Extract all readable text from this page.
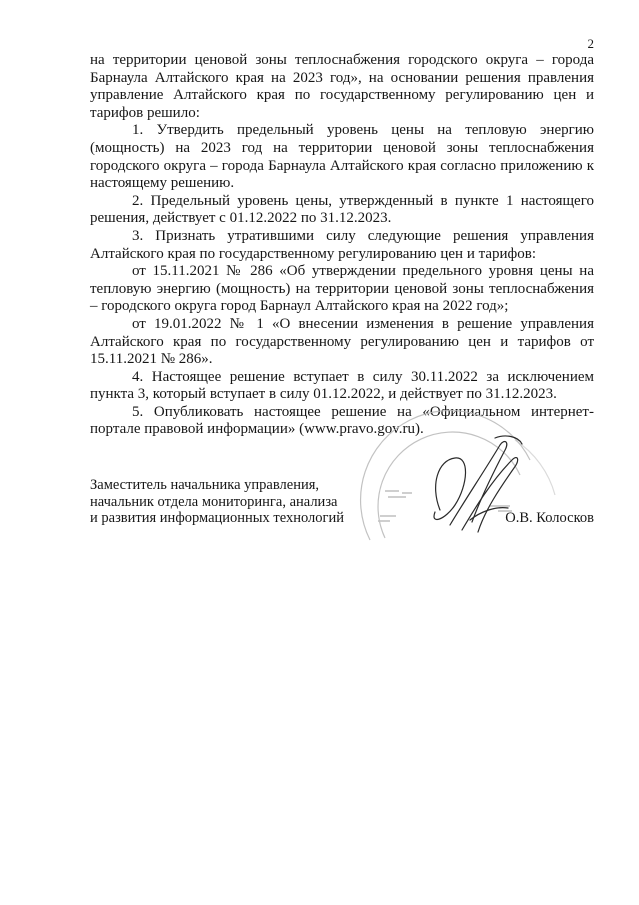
2

на территории ценовой зоны теплоснабжения городского округа – города Барнаула Алтайского края на 2023 год», на основании решения правления управление Алтайского края по государственному регулированию цен и тарифов решило:

1. Утвердить предельный уровень цены на тепловую энергию (мощность) на 2023 год на территории ценовой зоны теплоснабжения городского округа – города Барнаула Алтайского края согласно приложению к настоящему решению.

2. Предельный уровень цены, утвержденный в пункте 1 настоящего решения, действует с 01.12.2022 по 31.12.2023.

3. Признать утратившими силу следующие решения управления Алтайского края по государственному регулированию цен и тарифов:

от 15.11.2021 № 286 «Об утверждении предельного уровня цены на тепловую энергию (мощность) на территории ценовой зоны теплоснабжения – городского округа город Барнаул Алтайского края на 2022 год»;

от 19.01.2022 № 1 «О внесении изменения в решение управления Алтайского края по государственному регулированию цен и тарифов от 15.11.2021 № 286».

4. Настоящее решение вступает в силу 30.11.2022 за исключением пункта 3, который вступает в силу 01.12.2022, и действует по 31.12.2023.

5. Опубликовать настоящее решение на «Официальном интернет-портале правовой информации» (www.pravo.gov.ru).

Заместитель начальника управления,
начальник отдела мониторинга, анализа
и развития информационных технологий	О.В. Колосков
